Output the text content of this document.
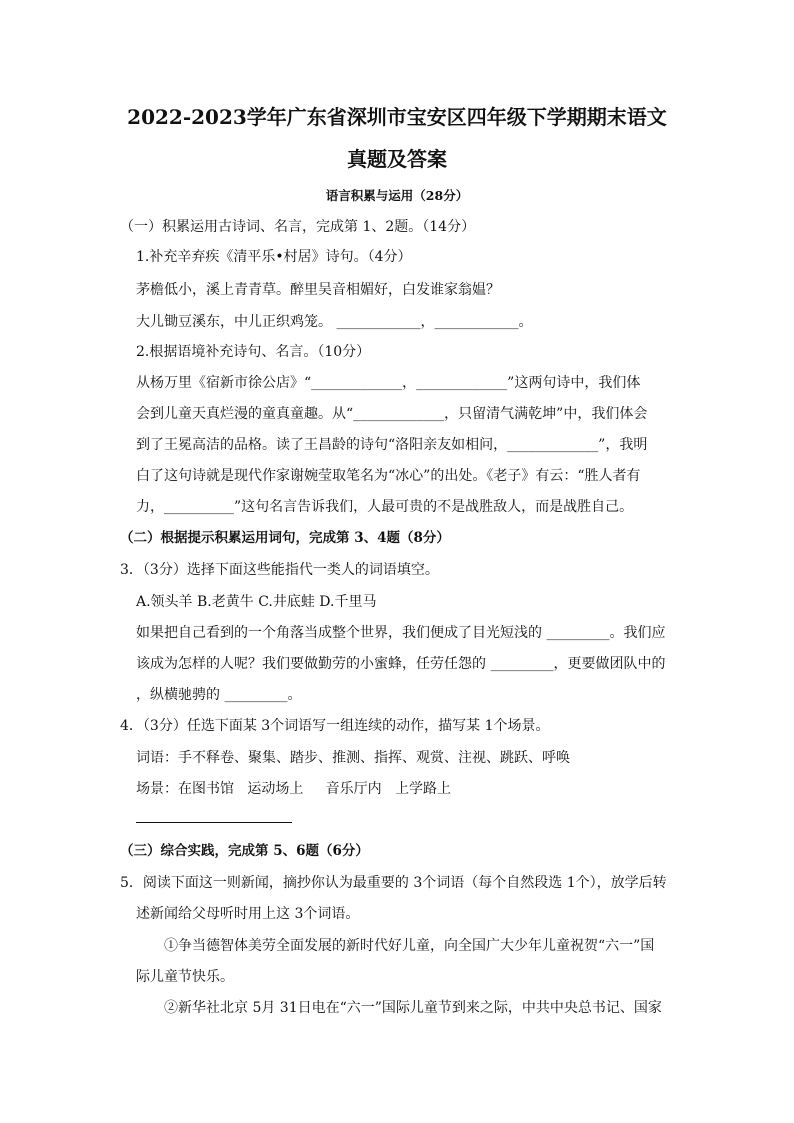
2022-2023学年广东省深圳市宝安区四年级下学期期末语文
真题及答案
语言积累与运用（28分）
（一）积累运用古诗词、名言，完成第 1、2题。（14分）
1.补充辛弃疾《清平乐•村居》诗句。（4分）
茅檐低小，溪上青青草。醉里吴音相媚好，白发谁家翁媪？
大儿锄豆溪东，中儿正织鸡笼。 ____________，____________。
2.根据语境补充诗句、名言。（10分）
从杨万里《宿新市徐公店》“_____________，_____________”这两句诗中，我们体
会到儿童天真烂漫的童真童趣。从“_____________，只留清气满乾坤”中，我们体会
到了王冕高洁的品格。读了王昌龄的诗句“洛阳亲友如相问，_____________”，我明
白了这句诗就是现代作家谢婉莹取笔名为“冰心”的出处。《老子》有云：“胜人者有
力，__________”这句名言告诉我们，人最可贵的不是战胜敌人，而是战胜自己。
（二）根据提示积累运用词句，完成第 3、4题（8分）
3．（3分）选择下面这些能指代一类人的词语填空。
A.领头羊 B.老黄牛 C.井底蛙 D.千里马
如果把自己看到的一个角落当成整个世界，我们便成了目光短浅的 _________。我们应
该成为怎样的人呢？我们要做勤劳的小蜜蜂，任劳任怨的 _________，更要做团队中的
，纵横驰骋的 _________。
4．（3分）任选下面某 3个词语写一组连续的动作，描写某 1个场景。
词语：手不释卷、聚集、踏步、推测、指挥、观赏、注视、跳跃、呼唤
场景：在图书馆   运动场上     音乐厅内   上学路上
（三）综合实践，完成第 5、6题（6分）
5．阅读下面这一则新闻，摘抄你认为最重要的 3个词语（每个自然段选 1个），放学后转
述新闻给父母听时用上这 3个词语。
①争当德智体美劳全面发展的新时代好儿童，向全国广大少年儿童祝贺“六一”国
际儿童节快乐。
②新华社北京 5月 31日电在“六一”国际儿童节到来之际，中共中央总书记、国家
